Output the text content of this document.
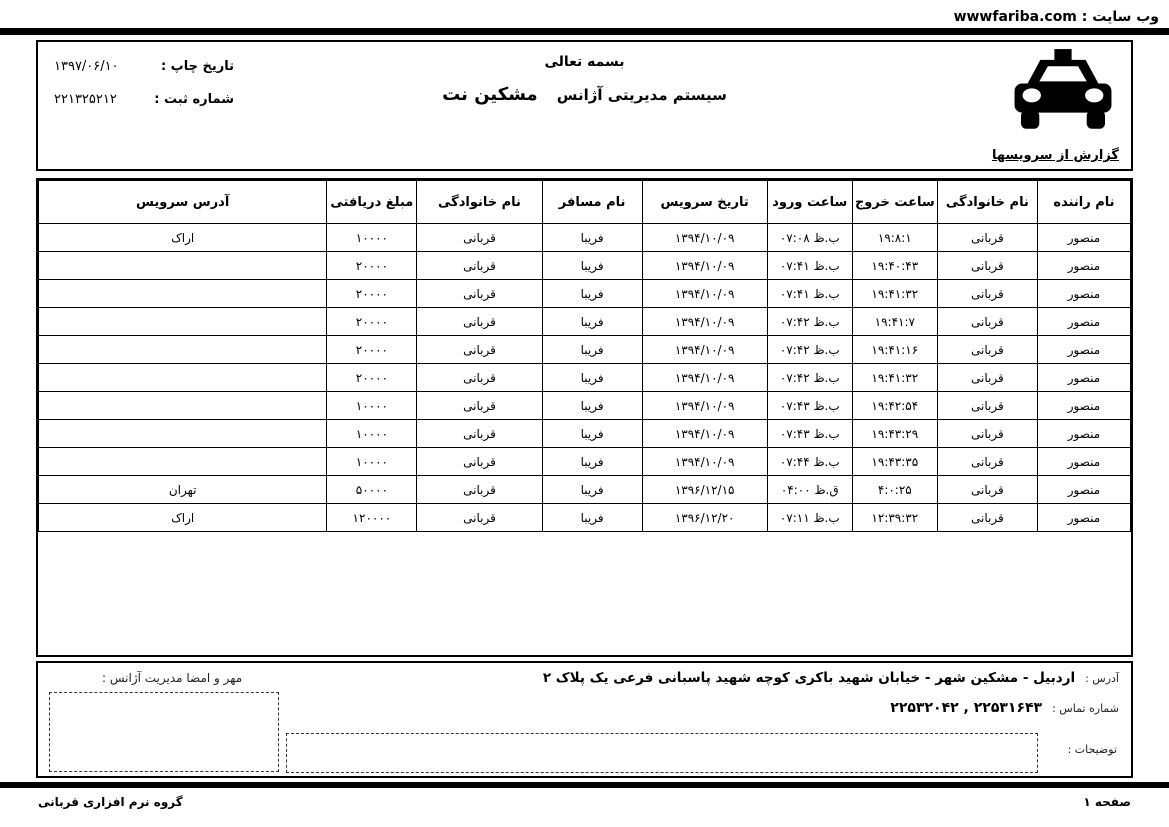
وب سایت : wwwfariba.com
تاریخ چاپ :
۱۳۹۷/۰۶/۱۰
شماره ثبت :
۲۲۱۳۲۵۲۱۲
بسمه تعالی
سیستم مدیریتی آژانس مشکین نت
گزارش از سرویسها
نام راننده	نام خانوادگی	ساعت خروج	ساعت ورود	تاریخ سرویس	نام مسافر	نام خانوادگی	مبلغ دریافتی	آدرس سرویس
منصور	قربانی	۱۹:۸:۱	ب.ظ ۰۷:۰۸	۱۳۹۴/۱۰/۰۹	فریبا	قربانی	۱۰۰۰۰	اراک
منصور	قربانی	۱۹:۴۰:۴۳	ب.ظ ۰۷:۴۱	۱۳۹۴/۱۰/۰۹	فریبا	قربانی	۲۰۰۰۰	
منصور	قربانی	۱۹:۴۱:۳۲	ب.ظ ۰۷:۴۱	۱۳۹۴/۱۰/۰۹	فریبا	قربانی	۲۰۰۰۰	
منصور	قربانی	۱۹:۴۱:۷	ب.ظ ۰۷:۴۲	۱۳۹۴/۱۰/۰۹	فریبا	قربانی	۲۰۰۰۰	
منصور	قربانی	۱۹:۴۱:۱۶	ب.ظ ۰۷:۴۲	۱۳۹۴/۱۰/۰۹	فریبا	قربانی	۲۰۰۰۰	
منصور	قربانی	۱۹:۴۱:۳۲	ب.ظ ۰۷:۴۲	۱۳۹۴/۱۰/۰۹	فریبا	قربانی	۲۰۰۰۰	
منصور	قربانی	۱۹:۴۲:۵۴	ب.ظ ۰۷:۴۳	۱۳۹۴/۱۰/۰۹	فریبا	قربانی	۱۰۰۰۰	
منصور	قربانی	۱۹:۴۳:۲۹	ب.ظ ۰۷:۴۳	۱۳۹۴/۱۰/۰۹	فریبا	قربانی	۱۰۰۰۰	
منصور	قربانی	۱۹:۴۳:۳۵	ب.ظ ۰۷:۴۴	۱۳۹۴/۱۰/۰۹	فریبا	قربانی	۱۰۰۰۰	
منصور	قربانی	۴:۰:۲۵	ق.ظ ۰۴:۰۰	۱۳۹۶/۱۲/۱۵	فریبا	قربانی	۵۰۰۰۰	تهران
منصور	قربانی	۱۲:۳۹:۳۲	ب.ظ ۰۷:۱۱	۱۳۹۶/۱۲/۲۰	فریبا	قربانی	۱۲۰۰۰۰	اراک
آدرس :
اردبیل - مشکین شهر - خیابان شهید باکری کوچه شهید پاسبانی فرعی یک پلاک ۲
شماره تماس :
۲۲۵۳۱۶۴۳ , ۲۲۵۳۲۰۴۲
توضیحات :
مهر و امضا مدیریت آژانس :
گروه نرم افزاری قربانی	صفحه ۱
